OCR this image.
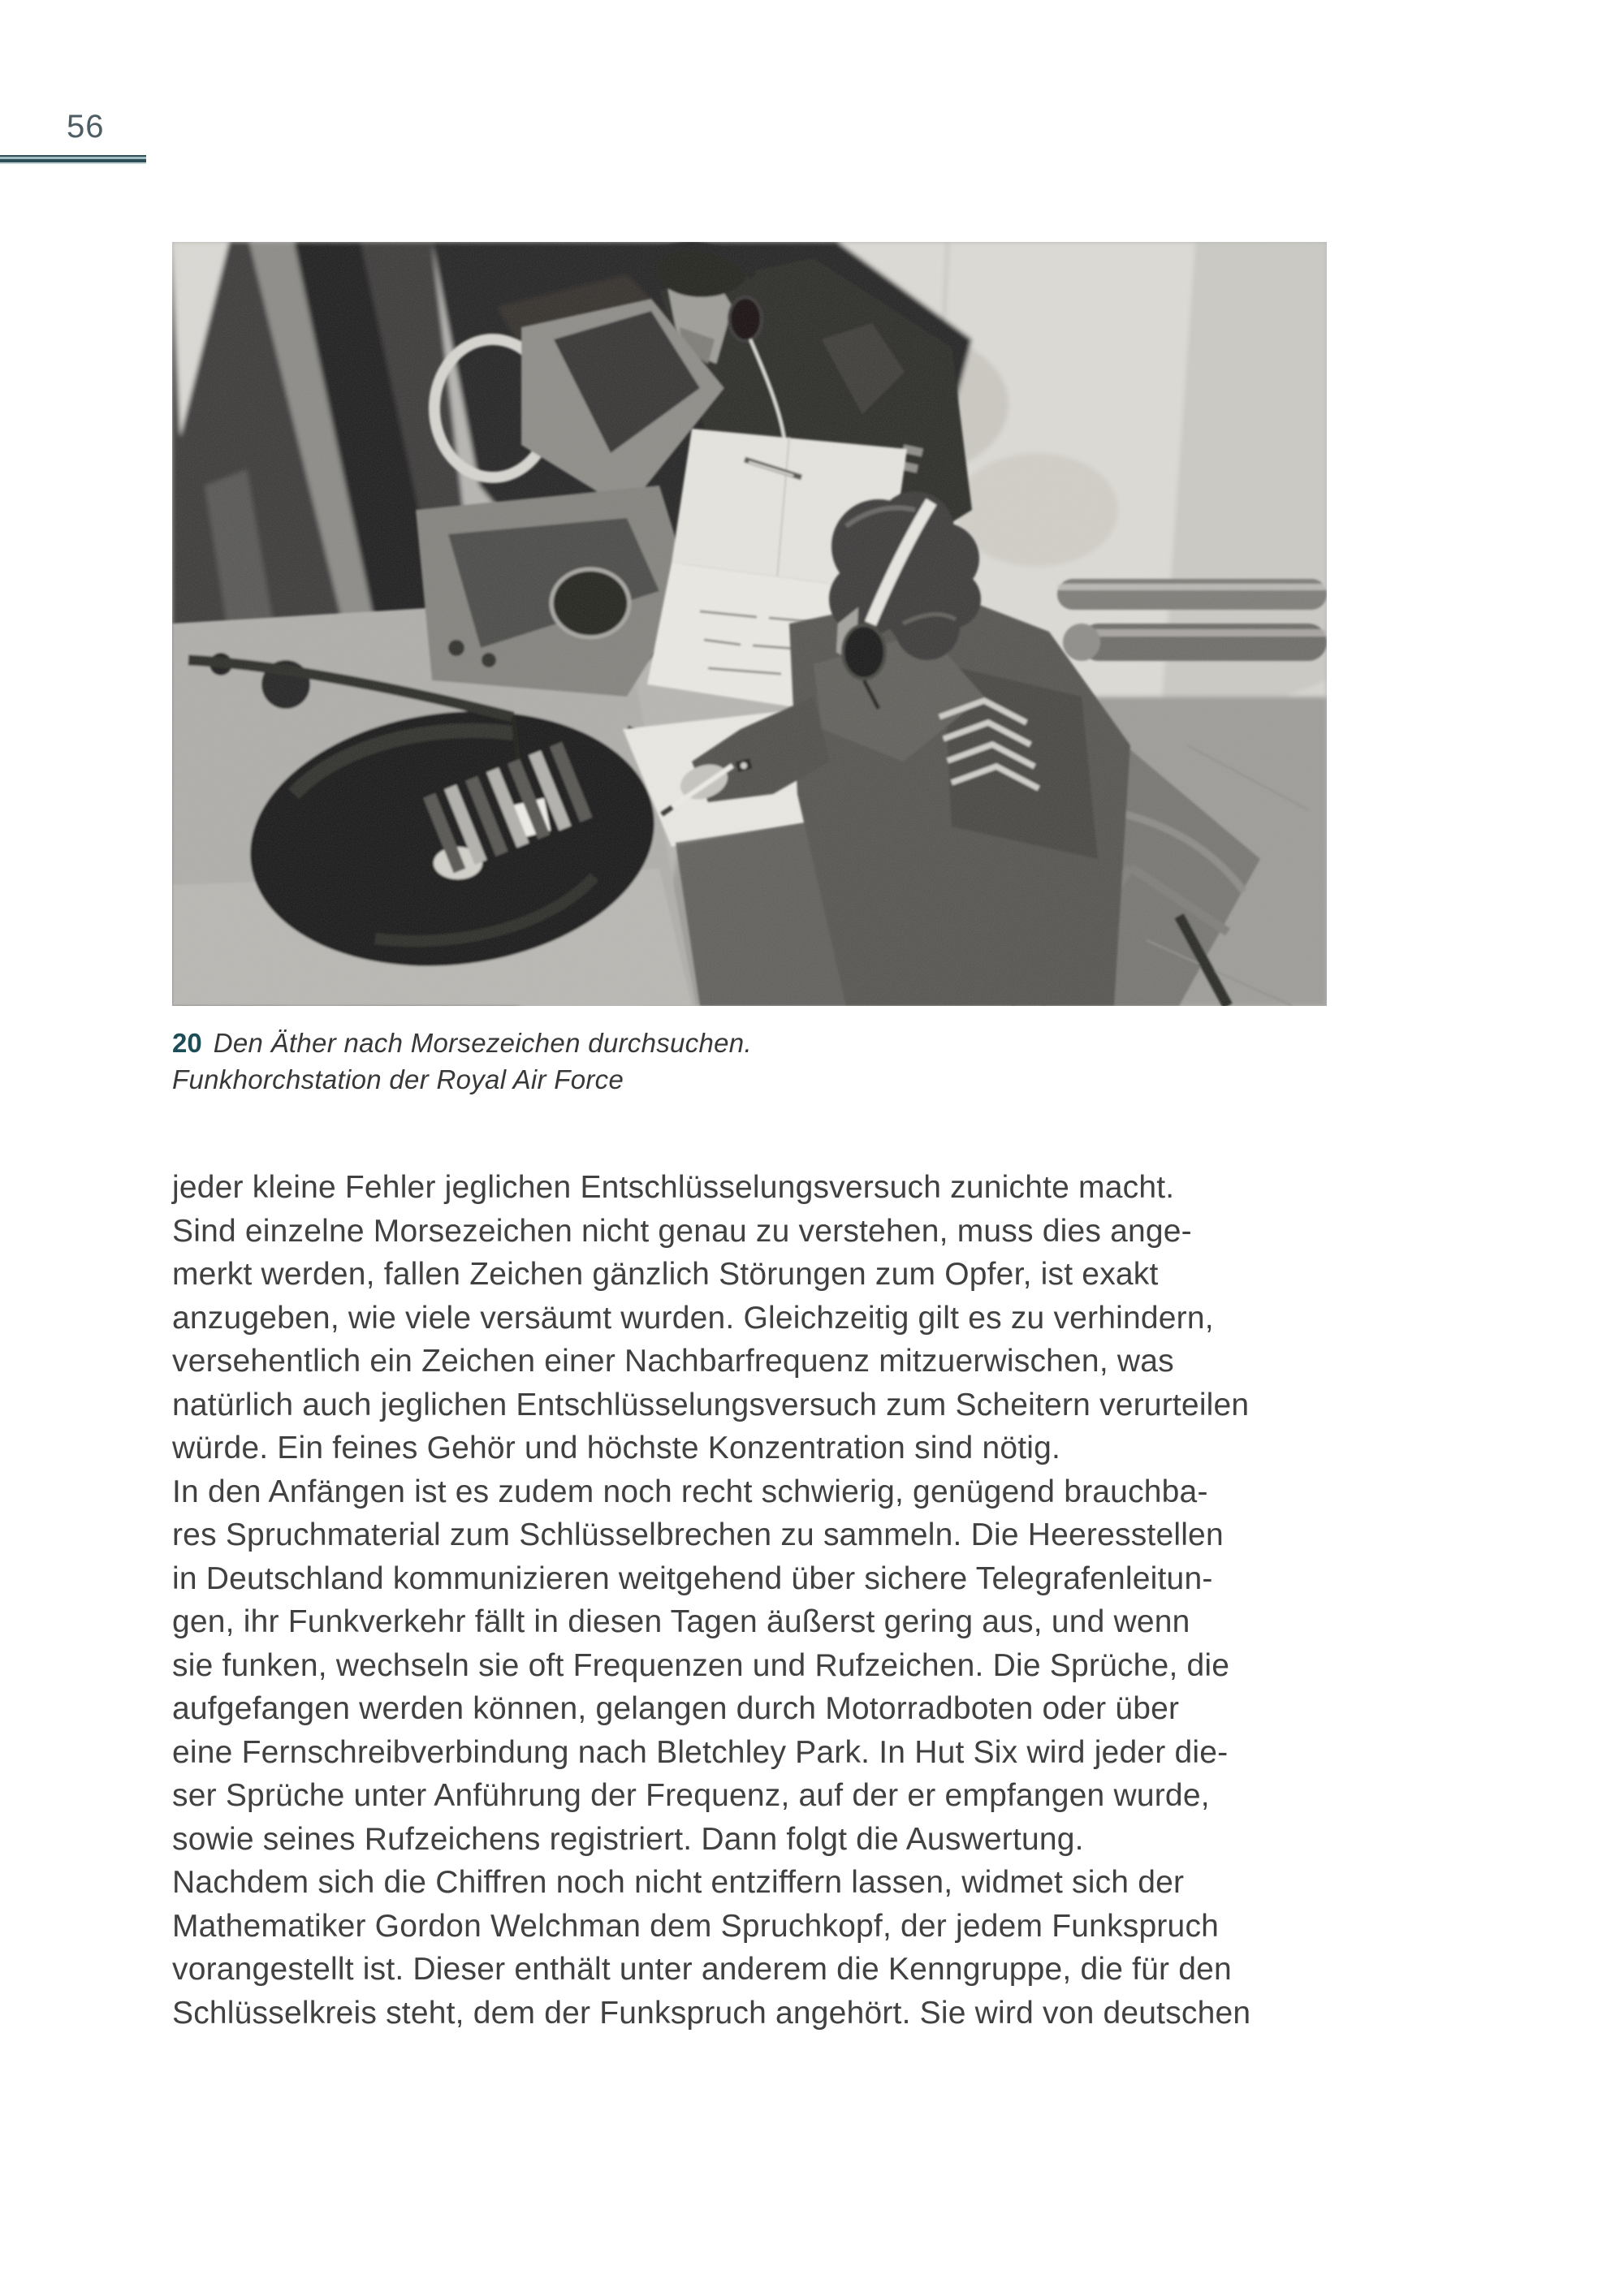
56
20 Den Äther nach Morsezeichen durchsuchen.
Funkhorchstation der Royal Air Force
jeder kleine Fehler jeglichen Entschlüsselungsversuch zunichte macht.
Sind einzelne Morsezeichen nicht genau zu verstehen, muss dies ange-
merkt werden, fallen Zeichen gänzlich Störungen zum Opfer, ist exakt
anzugeben, wie viele versäumt wurden. Gleichzeitig gilt es zu verhindern,
versehentlich ein Zeichen einer Nachbarfrequenz mitzuerwischen, was
natürlich auch jeglichen Entschlüsselungsversuch zum Scheitern verurteilen
würde. Ein feines Gehör und höchste Konzentration sind nötig.
In den Anfängen ist es zudem noch recht schwierig, genügend brauchba-
res Spruchmaterial zum Schlüsselbrechen zu sammeln. Die Heeresstellen
in Deutschland kommunizieren weitgehend über sichere Telegrafenleitun-
gen, ihr Funkverkehr fällt in diesen Tagen äußerst gering aus, und wenn
sie funken, wechseln sie oft Frequenzen und Rufzeichen. Die Sprüche, die
aufgefangen werden können, gelangen durch Motorradboten oder über
eine Fernschreibverbindung nach Bletchley Park. In Hut Six wird jeder die-
ser Sprüche unter Anführung der Frequenz, auf der er empfangen wurde,
sowie seines Rufzeichens registriert. Dann folgt die Auswertung.
Nachdem sich die Chiffren noch nicht entziffern lassen, widmet sich der
Mathematiker Gordon Welchman dem Spruchkopf, der jedem Funkspruch
vorangestellt ist. Dieser enthält unter anderem die Kenngruppe, die für den
Schlüsselkreis steht, dem der Funkspruch angehört. Sie wird von deutschen
